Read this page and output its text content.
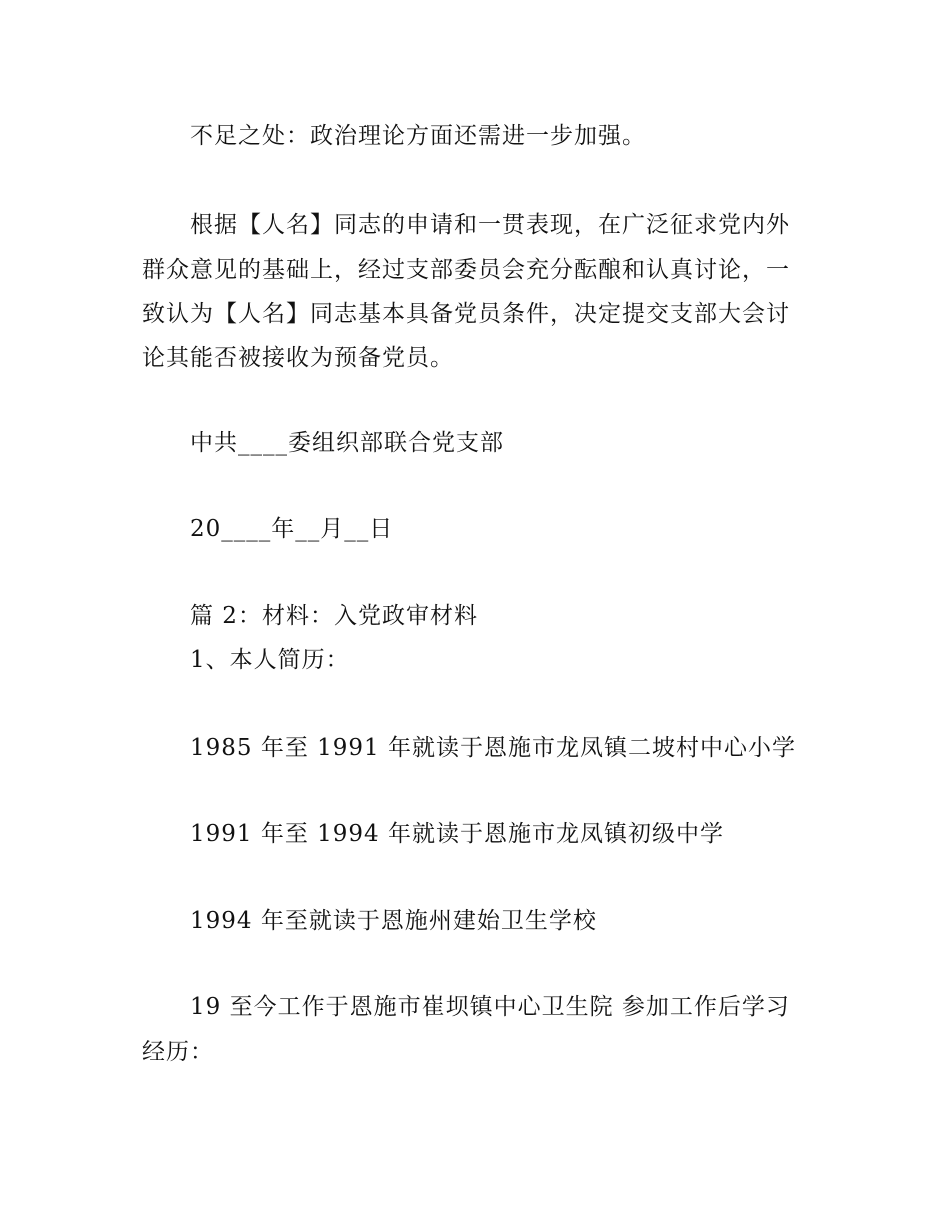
不足之处：政治理论方面还需进一步加强。
根据【人名】同志的申请和一贯表现，在广泛征求党内外
群众意见的基础上，经过支部委员会充分酝酿和认真讨论，一
致认为【人名】同志基本具备党员条件，决定提交支部大会讨
论其能否被接收为预备党员。
中共____委组织部联合党支部
20____年__月__日
篇 2：材料：入党政审材料
1、本人简历：
1985 年至 1991 年就读于恩施市龙凤镇二坡村中心小学
1991 年至 1994 年就读于恩施市龙凤镇初级中学
1994 年至就读于恩施州建始卫生学校
19 至今工作于恩施市崔坝镇中心卫生院 参加工作后学习
经历：
